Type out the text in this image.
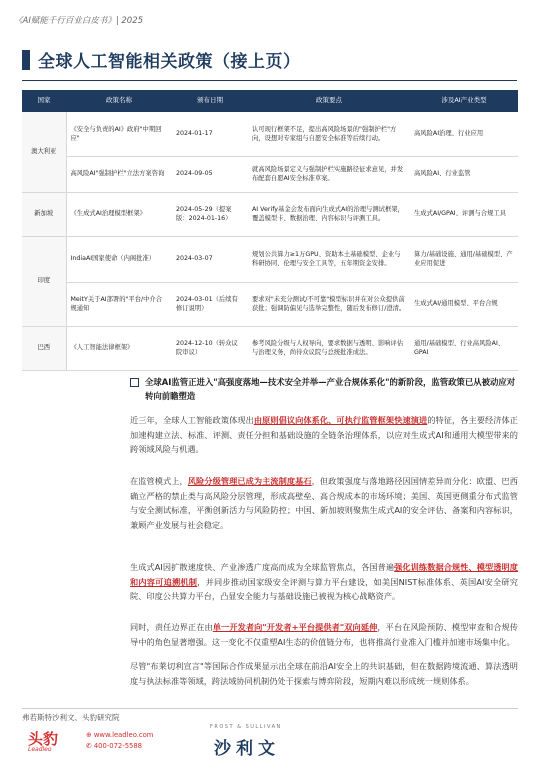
《AI赋能千行百业白皮书》| 2025
全球人工智能相关政策（接上页）
国家	政策名称	颁布日期	政策要点	涉及AI产业类型
澳大利亚	《安全与负责的AI》政府"中期回应"	2024-01-17	认可现行框架不足，提出高风险场景的"强制护栏"方向，设想对专家组与自愿安全标准等后续行动。	高风险AI治理、行业应用
	高风险AI"强制护栏"立法方案咨询	2024-09-05	就高风险场景定义与强制护栏实施路径征求意见，并发布配套自愿AI安全标准草案。	高风险AI、行业监管
新加坡	《生成式AI治理模型框架》	2024-05-29（提案版：2024-01-16）	AI Verify基金会发布面向生成式AI的治理与测试框架，覆盖模型卡、数据治理、内容标识与评测工具。	生成式AI/GPAI、评测与合规工具
印度	IndiaAI国家使命（内阁批准）	2024-03-07	规划公共算力≥1万GPU、资助本土基础模型、企业与科研协同、伦理与安全工具等，五年期资金安排。	算力/基础设施、通用/基础模型、产业应用促进
	MeitY关于AI部署的"平台/中介合规通知	2024-03-01（后续有修订说明）	要求对"未充分测试/不可靠"模型标识并在对公众提供前获批；强调防偏见与选举完整性，随后发布修订/澄清。	生成式AI/通用模型、平台合规
巴西	《人工智能法律框架》	2024-12-10（转众议院审议）	参考风险分级与人权导向，要求数据与透明、影响评估与治理义务，尚待众议院与总统批准成法。	通用/基础模型、行业高风险AI、GPAI
全球AI监管正进入"高强度落地—技术安全并举—产业合规体系化"的新阶段，监管政策已从被动应对转向前瞻塑造
近三年，全球人工智能政策体现出由原则倡议向体系化、可执行监管框架快速演进的特征，各主要经济体正加速构建立法、标准、评测、责任分担和基础设施的全链条治理体系，以应对生成式AI和通用大模型带来的跨领域风险与机遇。
在监管模式上，风险分级管理已成为主流制度基石，但政策强度与落地路径因国情差异而分化：欧盟、巴西确立严格的禁止类与高风险分层管理，形成高壁垒、高合规成本的市场环境；美国、英国更侧重分布式监管与安全测试标准，平衡创新活力与风险防控；中国、新加坡则聚焦生成式AI的安全评估、备案和内容标识，兼顾产业发展与社会稳定。
生成式AI因扩散速度快、产业渗透广度高而成为全球监管焦点，各国普遍强化训练数据合规性、模型透明度和内容可追溯机制，并同步推动国家级安全评测与算力平台建设，如美国NIST标准体系、英国AI安全研究院、印度公共算力平台，凸显安全能力与基础设施已被视为核心战略资产。
同时，责任边界正在由单一开发者向"开发者+平台提供者"双向延伸，平台在风险预防、模型审查和合规传导中的角色显著增强。这一变化不仅重塑AI生态的价值链分布，也将推高行业准入门槛并加速市场集中化。
尽管"布莱切利宣言"等国际合作成果显示出全球在前沿AI安全上的共识基础，但在数据跨境流通、算法透明度与执法标准等领域，跨法域协同机制仍处于探索与博弈阶段，短期内难以形成统一规则体系。
弗若斯特沙利文、头豹研究院
头豹
Leadleo
⊕ www.leadleo.com
✆ 400-072-5588
FROST & SULLIVAN
沙利文
